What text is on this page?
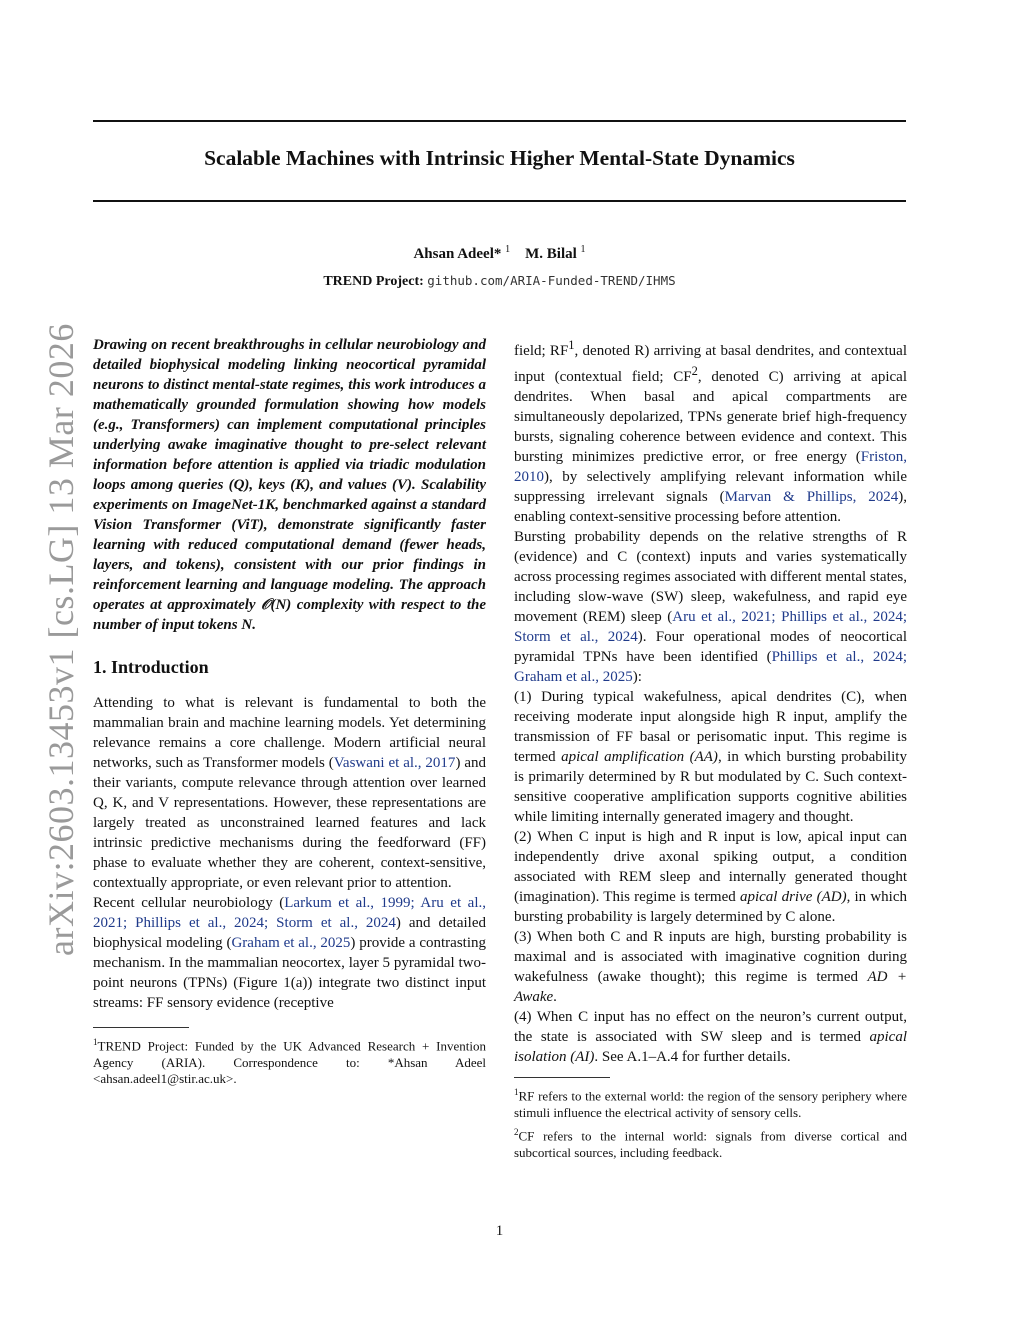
Scalable Machines with Intrinsic Higher Mental-State Dynamics
Ahsan Adeel* $^1$ M. Bilal $^1$
TREND Project: github.com/ARIA-Funded-TREND/IHMS
arXiv:2603.13453v1 [cs.LG] 13 Mar 2026 Drawing on recent breakthroughs in cellular neurobiology and detailed biophysical modeling linking neocortical pyramidal neurons to distinct mental-state regimes, this work introduces a mathematically grounded formulation showing how models (e.g., Transformers) can implement computational principles underlying awake imaginative thought to pre-select relevant information before attention is applied via triadic modulation loops among queries (Q), keys (K), and values (V). Scalability experiments on ImageNet-1K, benchmarked against a standard Vision Transformer (ViT), demonstrate significantly faster learning with reduced computational demand (fewer heads, layers, and tokens), consistent with our prior findings in reinforcement learning and language modeling. The approach operates at approximately 𝒪(N) complexity with respect to the number of input tokens N.

1. Introduction

Attending to what is relevant is fundamental to both the mammalian brain and machine learning models. Yet determining relevance remains a core challenge. Modern artificial neural networks, such as Transformer models (Vaswani et al., 2017) and their variants, compute relevance through attention over learned Q, K, and V representations. However, these representations are largely treated as unconstrained learned features and lack intrinsic predictive mechanisms during the feedforward (FF) phase to evaluate whether they are coherent, context-sensitive, contextually appropriate, or even relevant prior to attention.

Recent cellular neurobiology (Larkum et al., 1999; Aru et al., 2021; Phillips et al., 2024; Storm et al., 2024) and detailed biophysical modeling (Graham et al., 2025) provide a contrasting mechanism. In the mammalian neocortex, layer 5 pyramidal two-point neurons (TPNs) (Figure 1(a)) integrate two distinct input streams: FF sensory evidence (receptive

$^1$TREND Project: Funded by the UK Advanced Research + Invention Agency (ARIA). Correspondence to: *Ahsan Adeel <ahsan.adeel1@stir.ac.uk>.

field; $RF^1$, denoted R) arriving at basal dendrites, and contextual input (contextual field; $CF^2$, denoted C) arriving at apical dendrites. When basal and apical compartments are simultaneously depolarized, TPNs generate brief high-frequency bursts, signaling coherence between evidence and context. This bursting minimizes predictive error, or free energy (Friston, 2010), by selectively amplifying relevant information while suppressing irrelevant signals (Marvan & Phillips, 2024), enabling context-sensitive processing before attention.

Bursting probability depends on the relative strengths of R (evidence) and C (context) inputs and varies systematically across processing regimes associated with different mental states, including slow-wave (SW) sleep, wakefulness, and rapid eye movement (REM) sleep (Aru et al., 2021; Phillips et al., 2024; Storm et al., 2024). Four operational modes of neocortical pyramidal TPNs have been identified (Phillips et al., 2024; Graham et al., 2025):

(1) During typical wakefulness, apical dendrites (C), when receiving moderate input alongside high R input, amplify the transmission of FF basal or perisomatic input. This regime is termed apical amplification (AA), in which bursting probability is primarily determined by R but modulated by C. Such context-sensitive cooperative amplification supports cognitive abilities while limiting internally generated imagery and thought.

(2) When C input is high and R input is low, apical input can independently drive axonal spiking output, a condition associated with REM sleep and internally generated thought (imagination). This regime is termed apical drive (AD), in which bursting probability is largely determined by C alone.

(3) When both C and R inputs are high, bursting probability is maximal and is associated with imaginative cognition during wakefulness (awake thought); this regime is termed AD + Awake.

(4) When C input has no effect on the neuron’s current output, the state is associated with SW sleep and is termed apical isolation (AI). See A.1–A.4 for further details.

$^1$RF refers to the external world: the region of the sensory periphery where stimuli influence the electrical activity of sensory cells.

$^2$CF refers to the internal world: signals from diverse cortical and subcortical sources, including feedback.

1
